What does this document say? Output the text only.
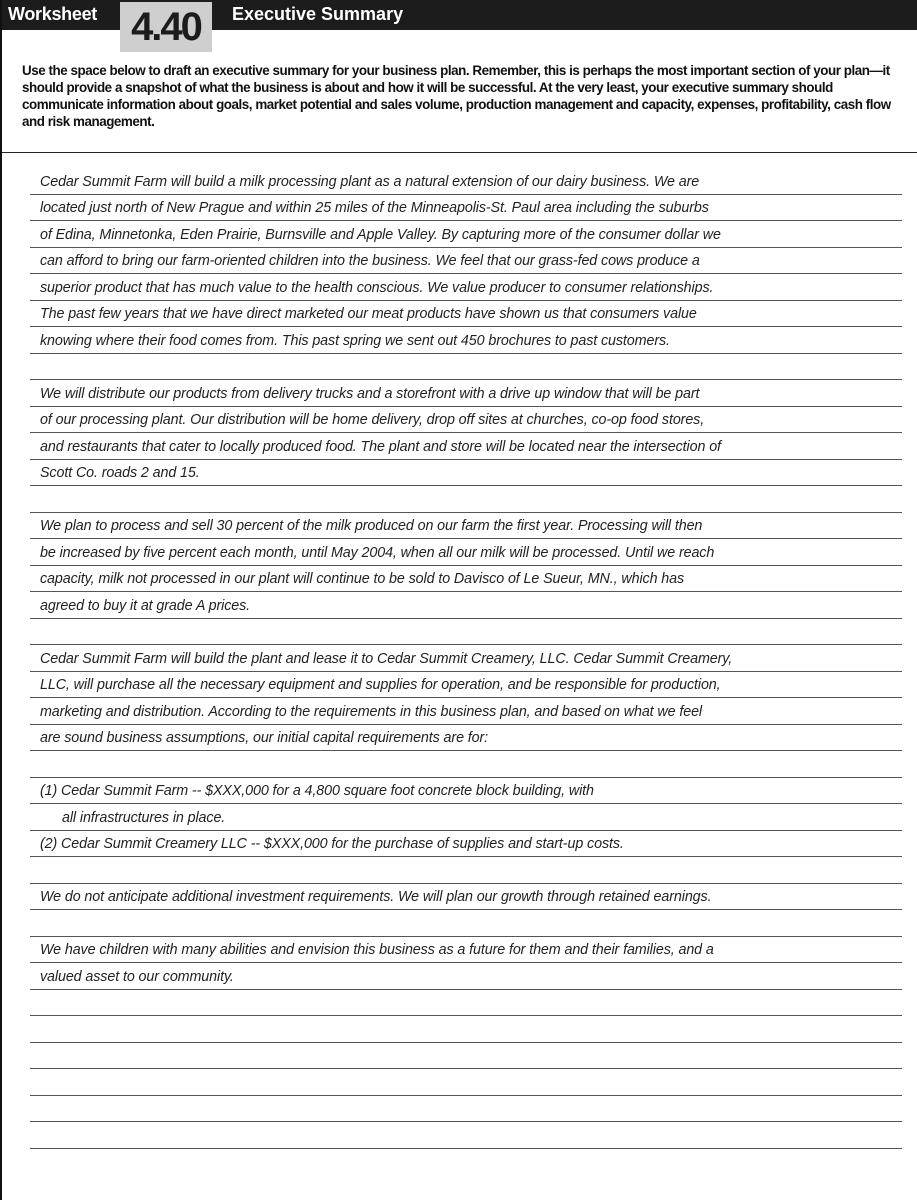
Worksheet	Executive Summary
4.40

Use the space below to draft an executive summary for your business plan. Remember, this is perhaps the most important section of your plan—it should provide a snapshot of what the business is about and how it will be successful. At the very least, your executive summary should communicate information about goals, market potential and sales volume, production management and capacity, expenses, profitability, cash flow and risk management.

Cedar Summit Farm will build a milk processing plant as a natural extension of our dairy business. We are
located just north of New Prague and within 25 miles of the Minneapolis-St. Paul area including the suburbs
of Edina, Minnetonka, Eden Prairie, Burnsville and Apple Valley. By capturing more of the consumer dollar we
can afford to bring our farm-oriented children into the business. We feel that our grass-fed cows produce a
superior product that has much value to the health conscious. We value producer to consumer relationships.
The past few years that we have direct marketed our meat products have shown us that consumers value
knowing where their food comes from. This past spring we sent out 450 brochures to past customers.
We will distribute our products from delivery trucks and a storefront with a drive up window that will be part
of our processing plant. Our distribution will be home delivery, drop off sites at churches, co-op food stores,
and restaurants that cater to locally produced food. The plant and store will be located near the intersection of
Scott Co. roads 2 and 15.
We plan to process and sell 30 percent of the milk produced on our farm the first year. Processing will then
be increased by five percent each month, until May 2004, when all our milk will be processed. Until we reach
capacity, milk not processed in our plant will continue to be sold to Davisco of Le Sueur, MN., which has
agreed to buy it at grade A prices.
Cedar Summit Farm will build the plant and lease it to Cedar Summit Creamery, LLC. Cedar Summit Creamery,
LLC, will purchase all the necessary equipment and supplies for operation, and be responsible for production,
marketing and distribution. According to the requirements in this business plan, and based on what we feel
are sound business assumptions, our initial capital requirements are for:
(1) Cedar Summit Farm -- $XXX,000 for a 4,800 square foot concrete block building, with
all infrastructures in place.
(2) Cedar Summit Creamery LLC -- $XXX,000 for the purchase of supplies and start-up costs.
We do not anticipate additional investment requirements. We will plan our growth through retained earnings.
We have children with many abilities and envision this business as a future for them and their families, and a
valued asset to our community.
